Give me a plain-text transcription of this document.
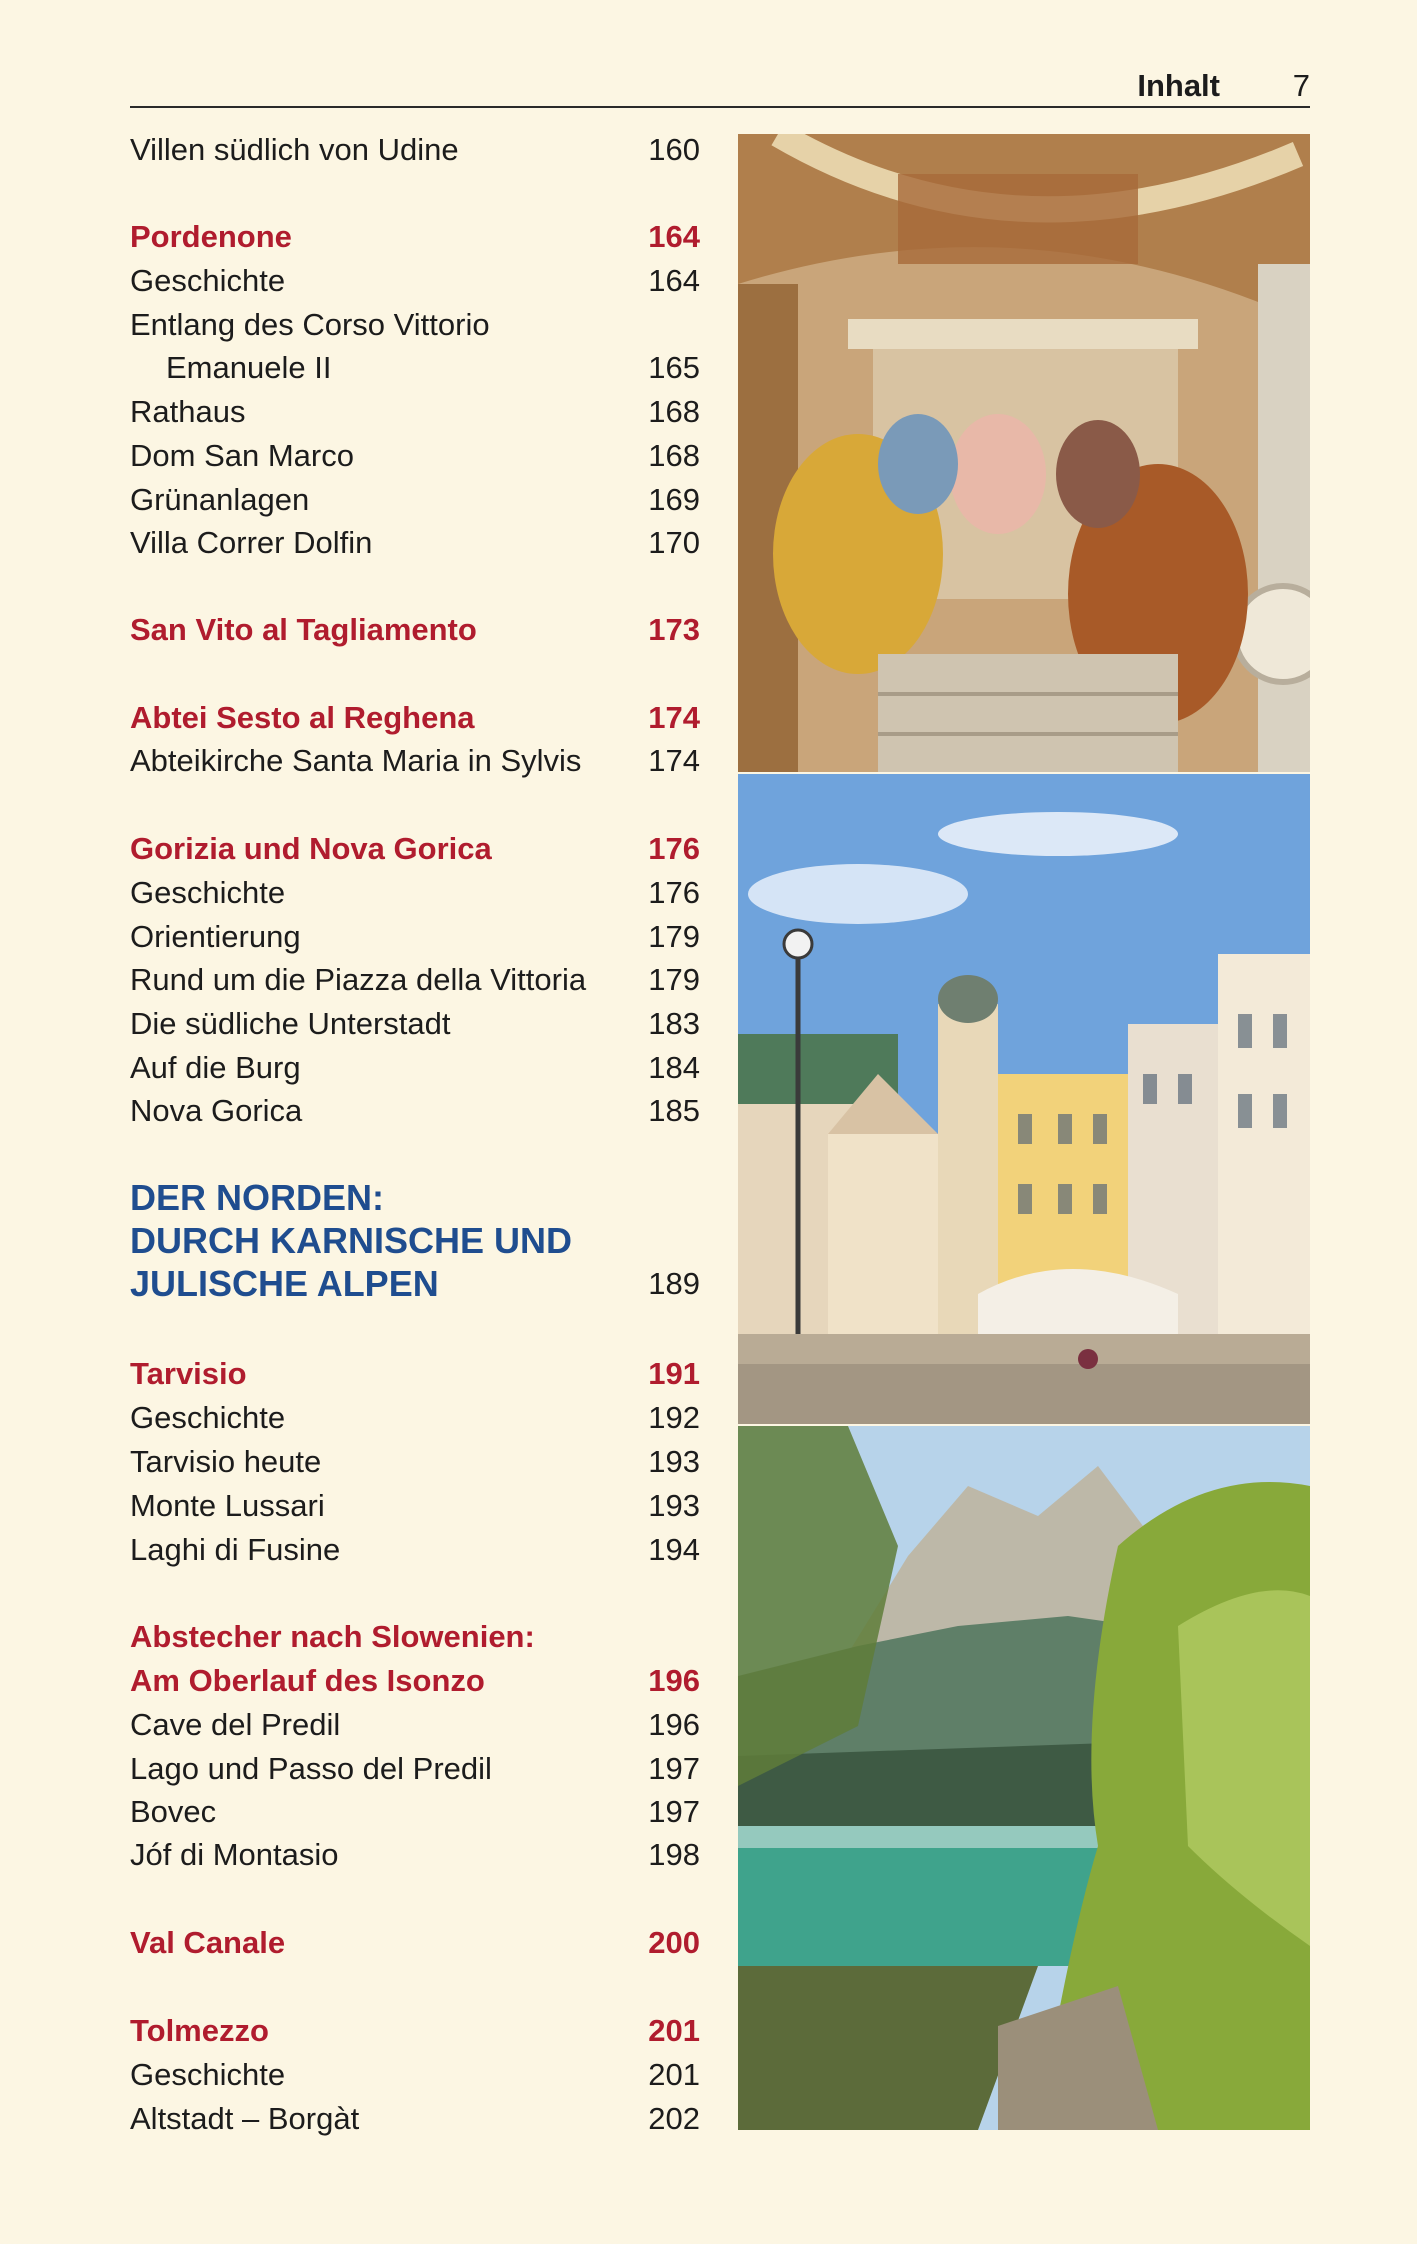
Inhalt 7
Villen südlich von Udine	160
Pordenone	164
Geschichte	164
Entlang des Corso Vittorio
Emanuele II	165
Rathaus	168
Dom San Marco	168
Grünanlagen	169
Villa Correr Dolfin	170
San Vito al Tagliamento	173
Abtei Sesto al Reghena	174
Abteikirche Santa Maria in Sylvis 174
Gorizia und Nova Gorica	176
Geschichte	176
Orientierung	179
Rund um die Piazza della Vittoria 179
Die südliche Unterstadt	183
Auf die Burg	184
Nova Gorica	185
DER NORDEN:
DURCH KARNISCHE UND
JULISCHE ALPEN	189
Tarvisio	191
Geschichte	192
Tarvisio heute	193
Monte Lussari	193
Laghi di Fusine	194
Abstecher nach Slowenien:
Am Oberlauf des Isonzo	196
Cave del Predil	196
Lago und Passo del Predil	197
Bovec	197
Jóf di Montasio	198
Val Canale	200
Tolmezzo	201
Geschichte	201
Altstadt – Borgàt	202
